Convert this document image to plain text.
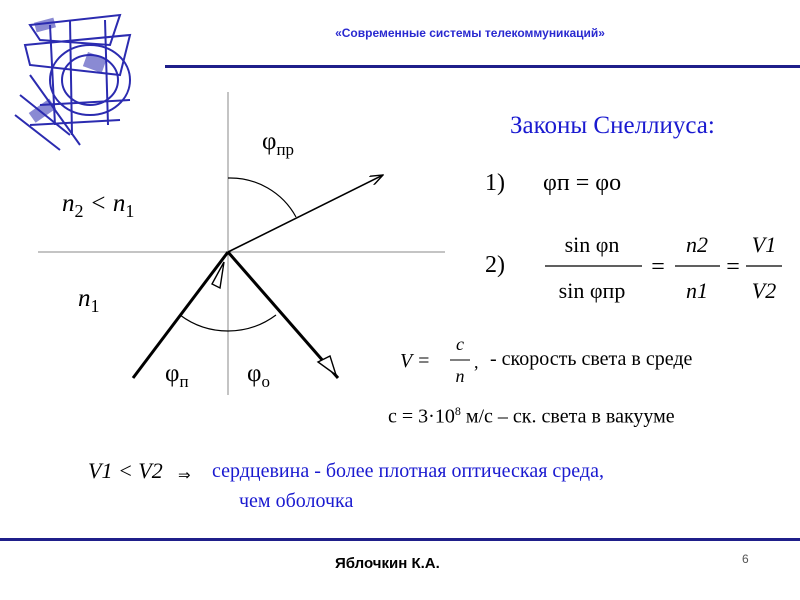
«Современные системы телекоммуникаций»
$n_2 < n_1$
$n_1$
$\varphi_{пр}$
$\varphi_п$ $\varphi_о$
Законы Снеллиуса:
1) φп = φо
2)
sin φn
sin φпр
=
n2
n1
=
V1
V2
V =
c
n
, - скорость света в среде
$c = 3\cdot 10^8$ м/с – ск. света в вакууме
V1 < V2 ⇒ сердцевина - более плотная оптическая среда,
чем оболочка
Яблочкин К.А.	6
